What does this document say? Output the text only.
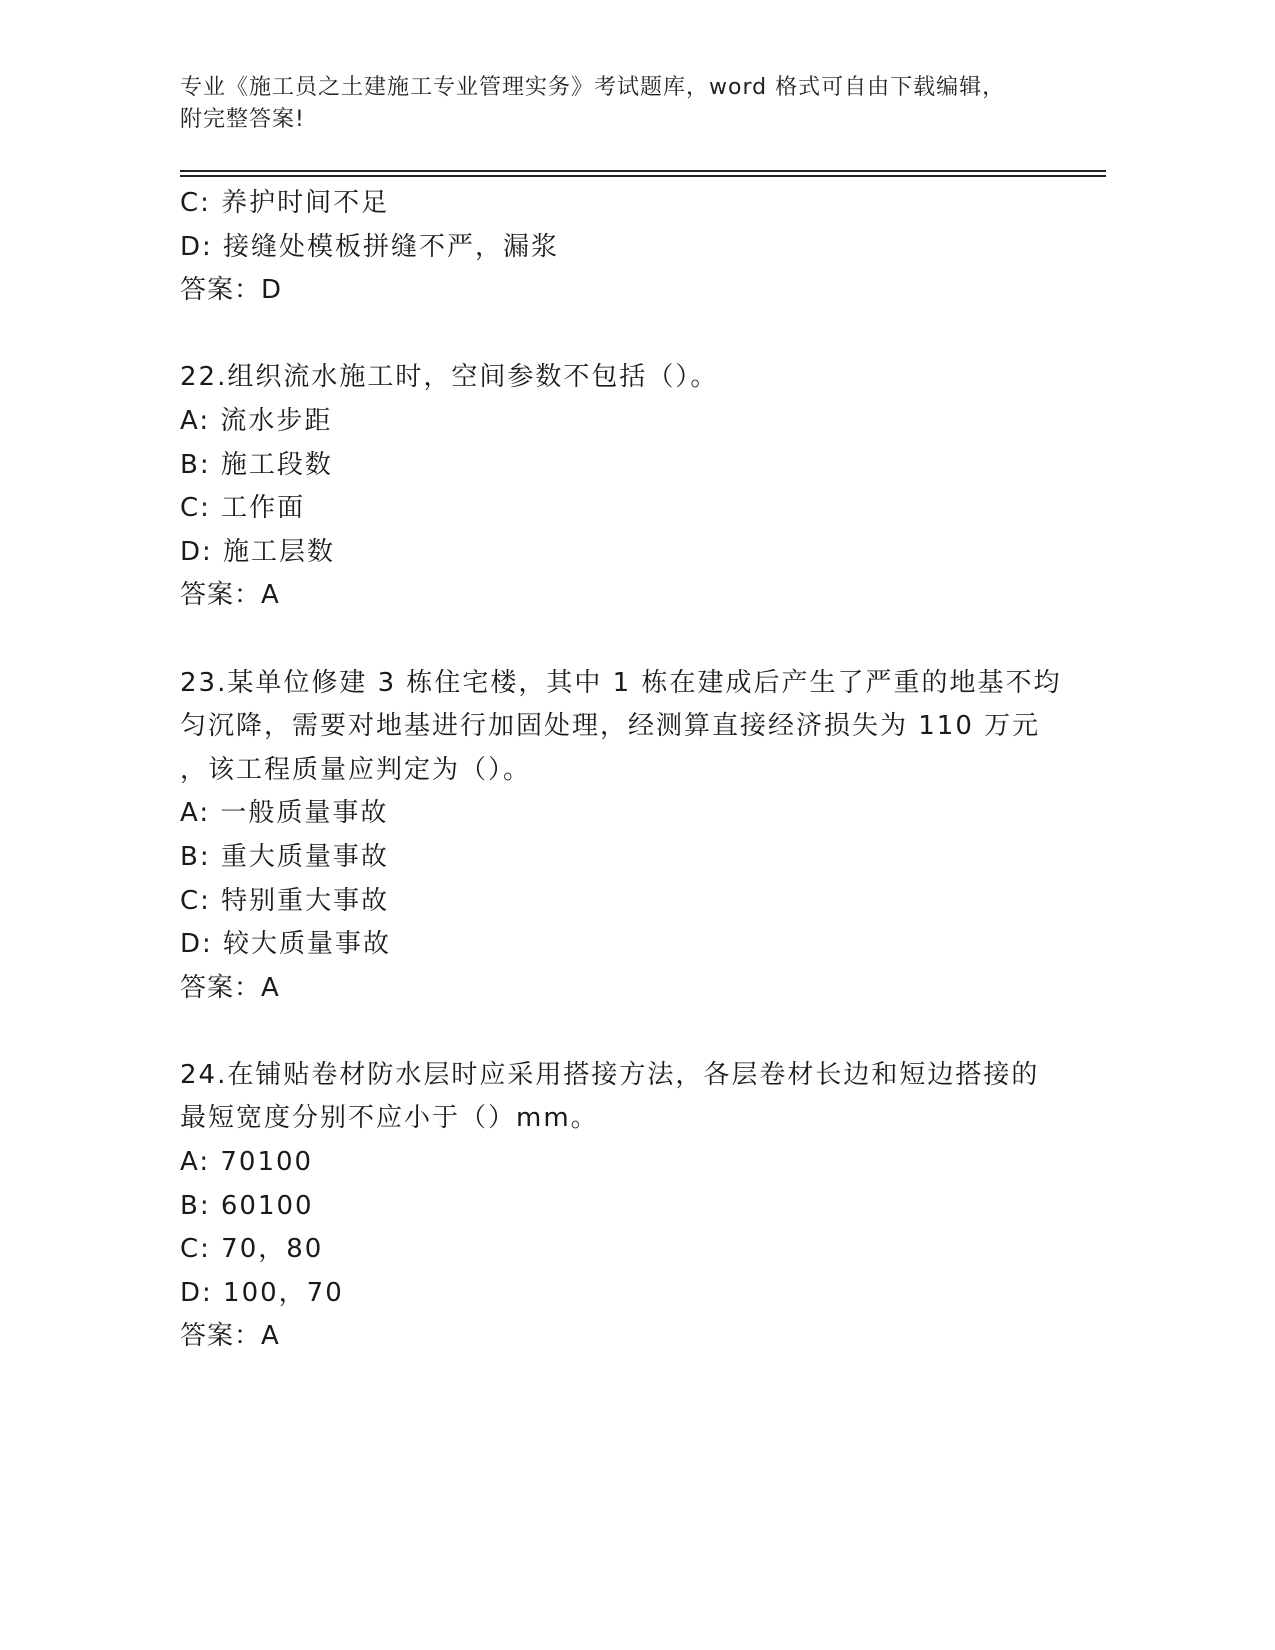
专业《施工员之土建施工专业管理实务》考试题库，word 格式可自由下载编辑，
附完整答案!
C: 养护时间不足
D: 接缝处模板拼缝不严，漏浆
答案：D
22.组织流水施工时，空间参数不包括（）。
A: 流水步距
B: 施工段数
C: 工作面
D: 施工层数
答案：A
23.某单位修建 3 栋住宅楼，其中 1 栋在建成后产生了严重的地基不均
匀沉降，需要对地基进行加固处理，经测算直接经济损失为 110 万元
，该工程质量应判定为（）。
A: 一般质量事故
B: 重大质量事故
C: 特别重大事故
D: 较大质量事故
答案：A
24.在铺贴卷材防水层时应采用搭接方法，各层卷材长边和短边搭接的
最短宽度分别不应小于（）mm。
A: 70100
B: 60100
C: 70，80
D: 100，70
答案：A
